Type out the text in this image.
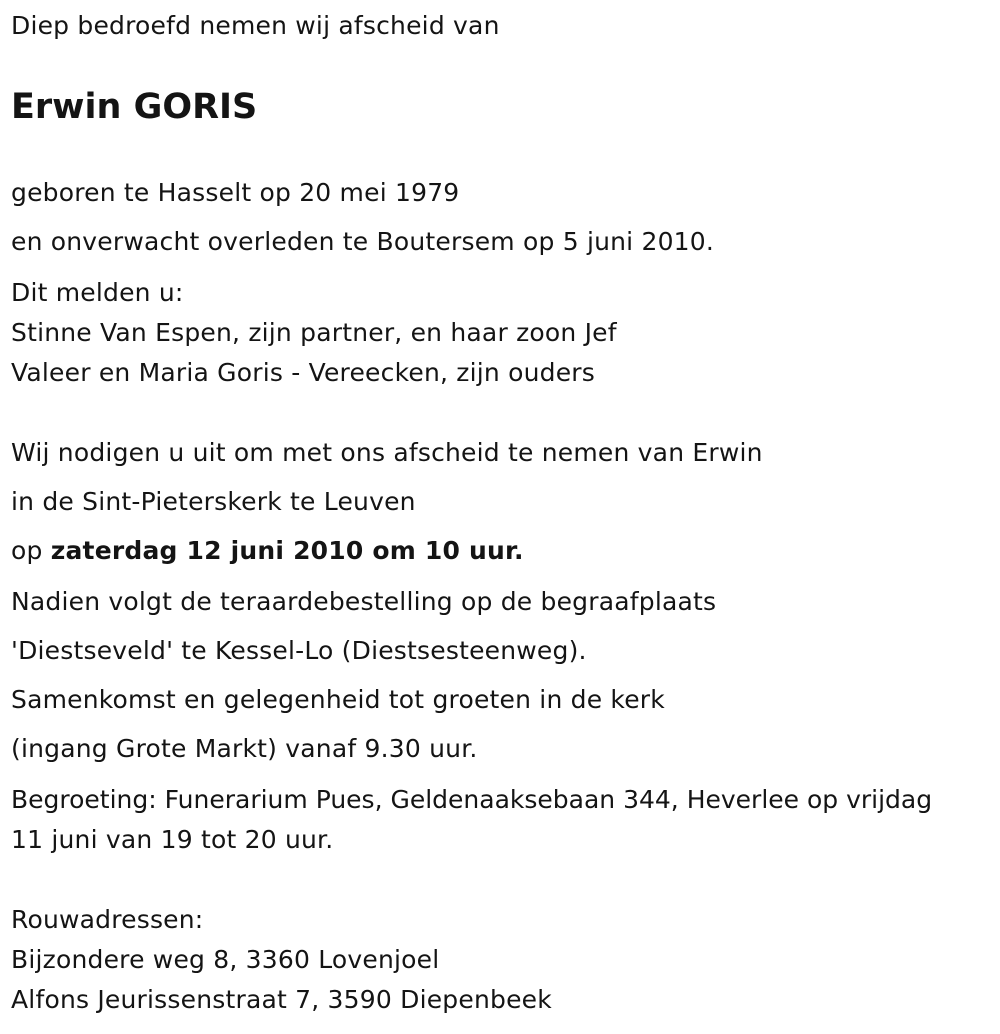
Diep bedroefd nemen wij afscheid van
Erwin GORIS
geboren te Hasselt op 20 mei 1979
en onverwacht overleden te Boutersem op 5 juni 2010.
Dit melden u:
Stinne Van Espen, zijn partner, en haar zoon Jef
Valeer en Maria Goris - Vereecken, zijn ouders
Wij nodigen u uit om met ons afscheid te nemen van Erwin
in de Sint-Pieterskerk te Leuven
op zaterdag 12 juni 2010 om 10 uur.
Nadien volgt de teraardebestelling op de begraafplaats
'Diestseveld' te Kessel-Lo (Diestsesteenweg).
Samenkomst en gelegenheid tot groeten in de kerk
(ingang Grote Markt) vanaf 9.30 uur.
Begroeting: Funerarium Pues, Geldenaaksebaan 344, Heverlee op vrijdag
11 juni van 19 tot 20 uur.
Rouwadressen:
Bijzondere weg 8, 3360 Lovenjoel
Alfons Jeurissenstraat 7, 3590 Diepenbeek
